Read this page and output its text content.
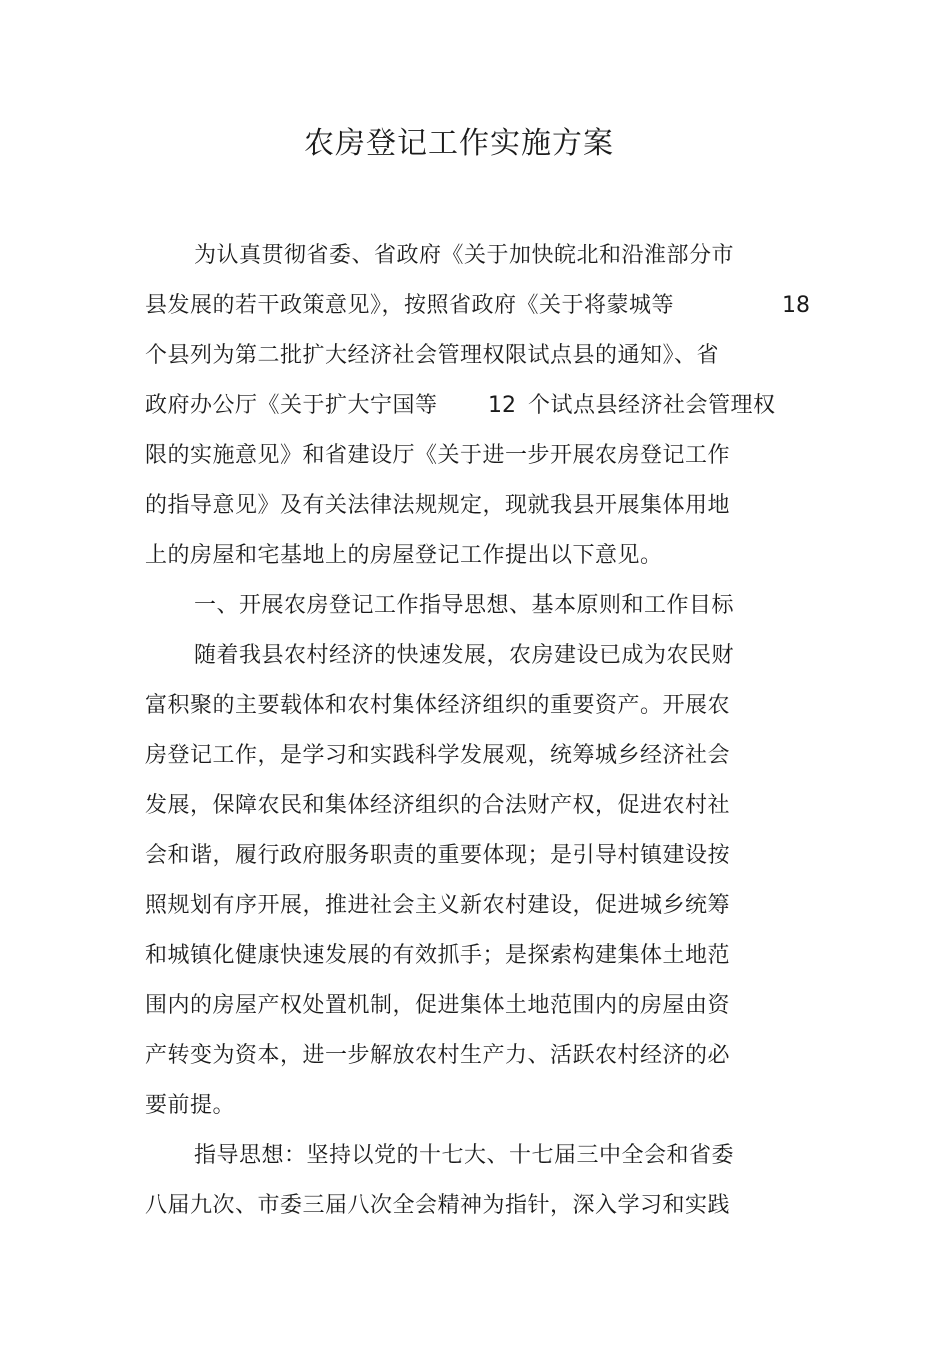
农房登记工作实施方案
为认真贯彻省委、省政府《关于加快皖北和沿淮部分市
县发展的若干政策意见》，按照省政府《关于将蒙城等	18
个县列为第二批扩大经济社会管理权限试点县的通知》、省
政府办公厅《关于扩大宁国等 12 个试点县经济社会管理权
限的实施意见》和省建设厅《关于进一步开展农房登记工作
的指导意见》及有关法律法规规定，现就我县开展集体用地
上的房屋和宅基地上的房屋登记工作提出以下意见。
一、开展农房登记工作指导思想、基本原则和工作目标
随着我县农村经济的快速发展，农房建设已成为农民财
富积聚的主要载体和农村集体经济组织的重要资产。开展农
房登记工作，是学习和实践科学发展观，统筹城乡经济社会
发展，保障农民和集体经济组织的合法财产权，促进农村社
会和谐，履行政府服务职责的重要体现；是引导村镇建设按
照规划有序开展，推进社会主义新农村建设，促进城乡统筹
和城镇化健康快速发展的有效抓手；是探索构建集体土地范
围内的房屋产权处置机制，促进集体土地范围内的房屋由资
产转变为资本，进一步解放农村生产力、活跃农村经济的必
要前提。
指导思想：坚持以党的十七大、十七届三中全会和省委
八届九次、市委三届八次全会精神为指针，深入学习和实践
